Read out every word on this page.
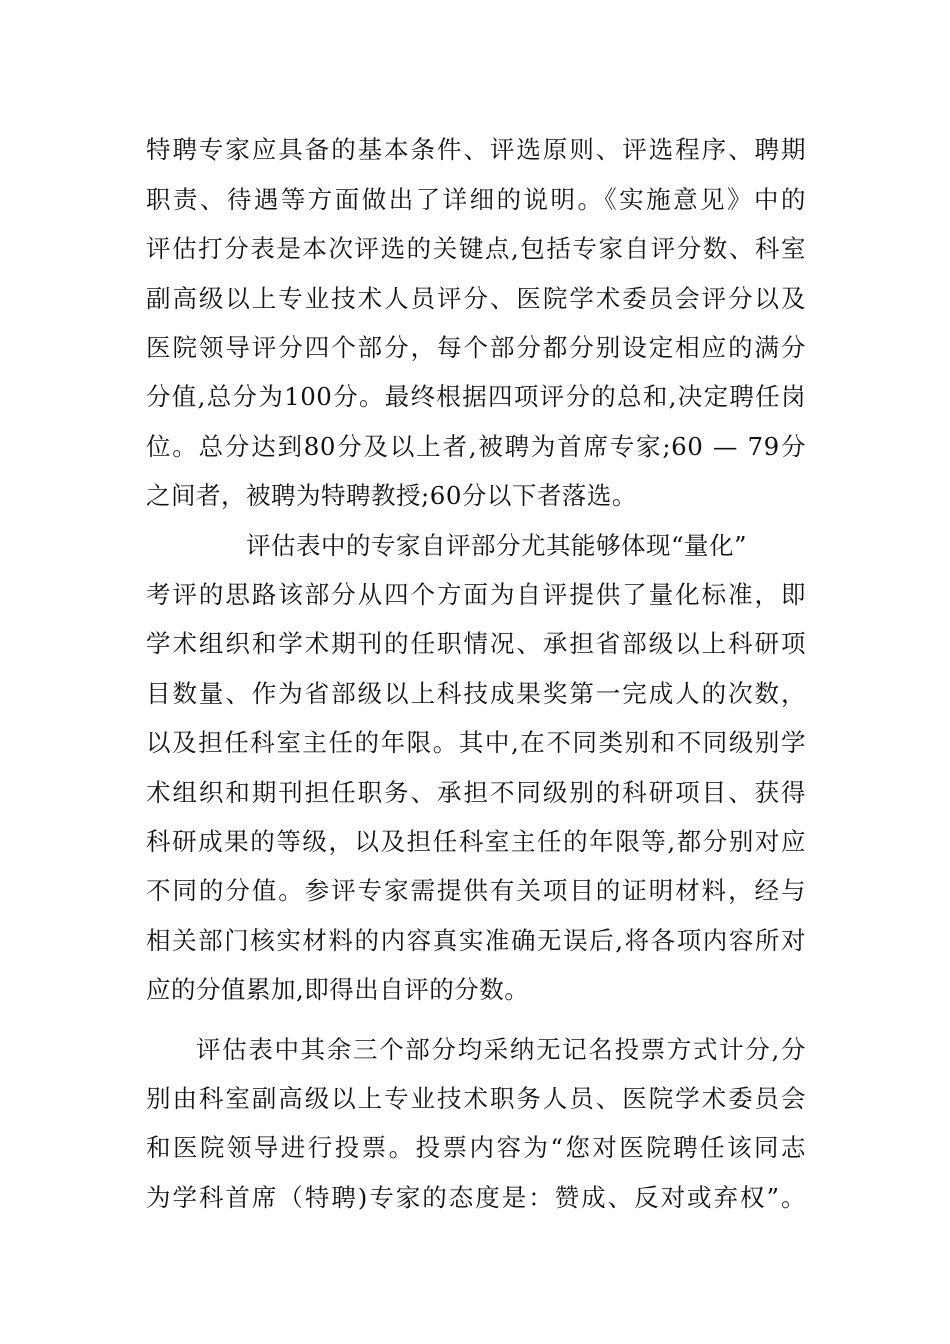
特聘专家应具备的基本条件、评选原则、评选程序、聘期
职责、待遇等方面做出了详细的说明。《实施意见》中的
评估打分表是本次评选的关键点,包括专家自评分数、科室
副高级以上专业技术人员评分、医院学术委员会评分以及
医院领导评分四个部分，每个部分都分别设定相应的满分
分值,总分为100分。最终根据四项评分的总和,决定聘任岗
位。总分达到80分及以上者,被聘为首席专家;60 — 79分
之间者，被聘为特聘教授;60分以下者落选。
评估表中的专家自评部分尤其能够体现“量化”
考评的思路该部分从四个方面为自评提供了量化标准，即
学术组织和学术期刊的任职情况、承担省部级以上科研项
目数量、作为省部级以上科技成果奖第一完成人的次数，
以及担任科室主任的年限。其中,在不同类别和不同级别学
术组织和期刊担任职务、承担不同级别的科研项目、获得
科研成果的等级，以及担任科室主任的年限等,都分别对应
不同的分值。参评专家需提供有关项目的证明材料，经与
相关部门核实材料的内容真实准确无误后,将各项内容所对
应的分值累加,即得出自评的分数。
评估表中其余三个部分均采纳无记名投票方式计分,分
别由科室副高级以上专业技术职务人员、医院学术委员会
和医院领导进行投票。投票内容为“您对医院聘任该同志
为学科首席（特聘)专家的态度是：赞成、反对或弃权”。
